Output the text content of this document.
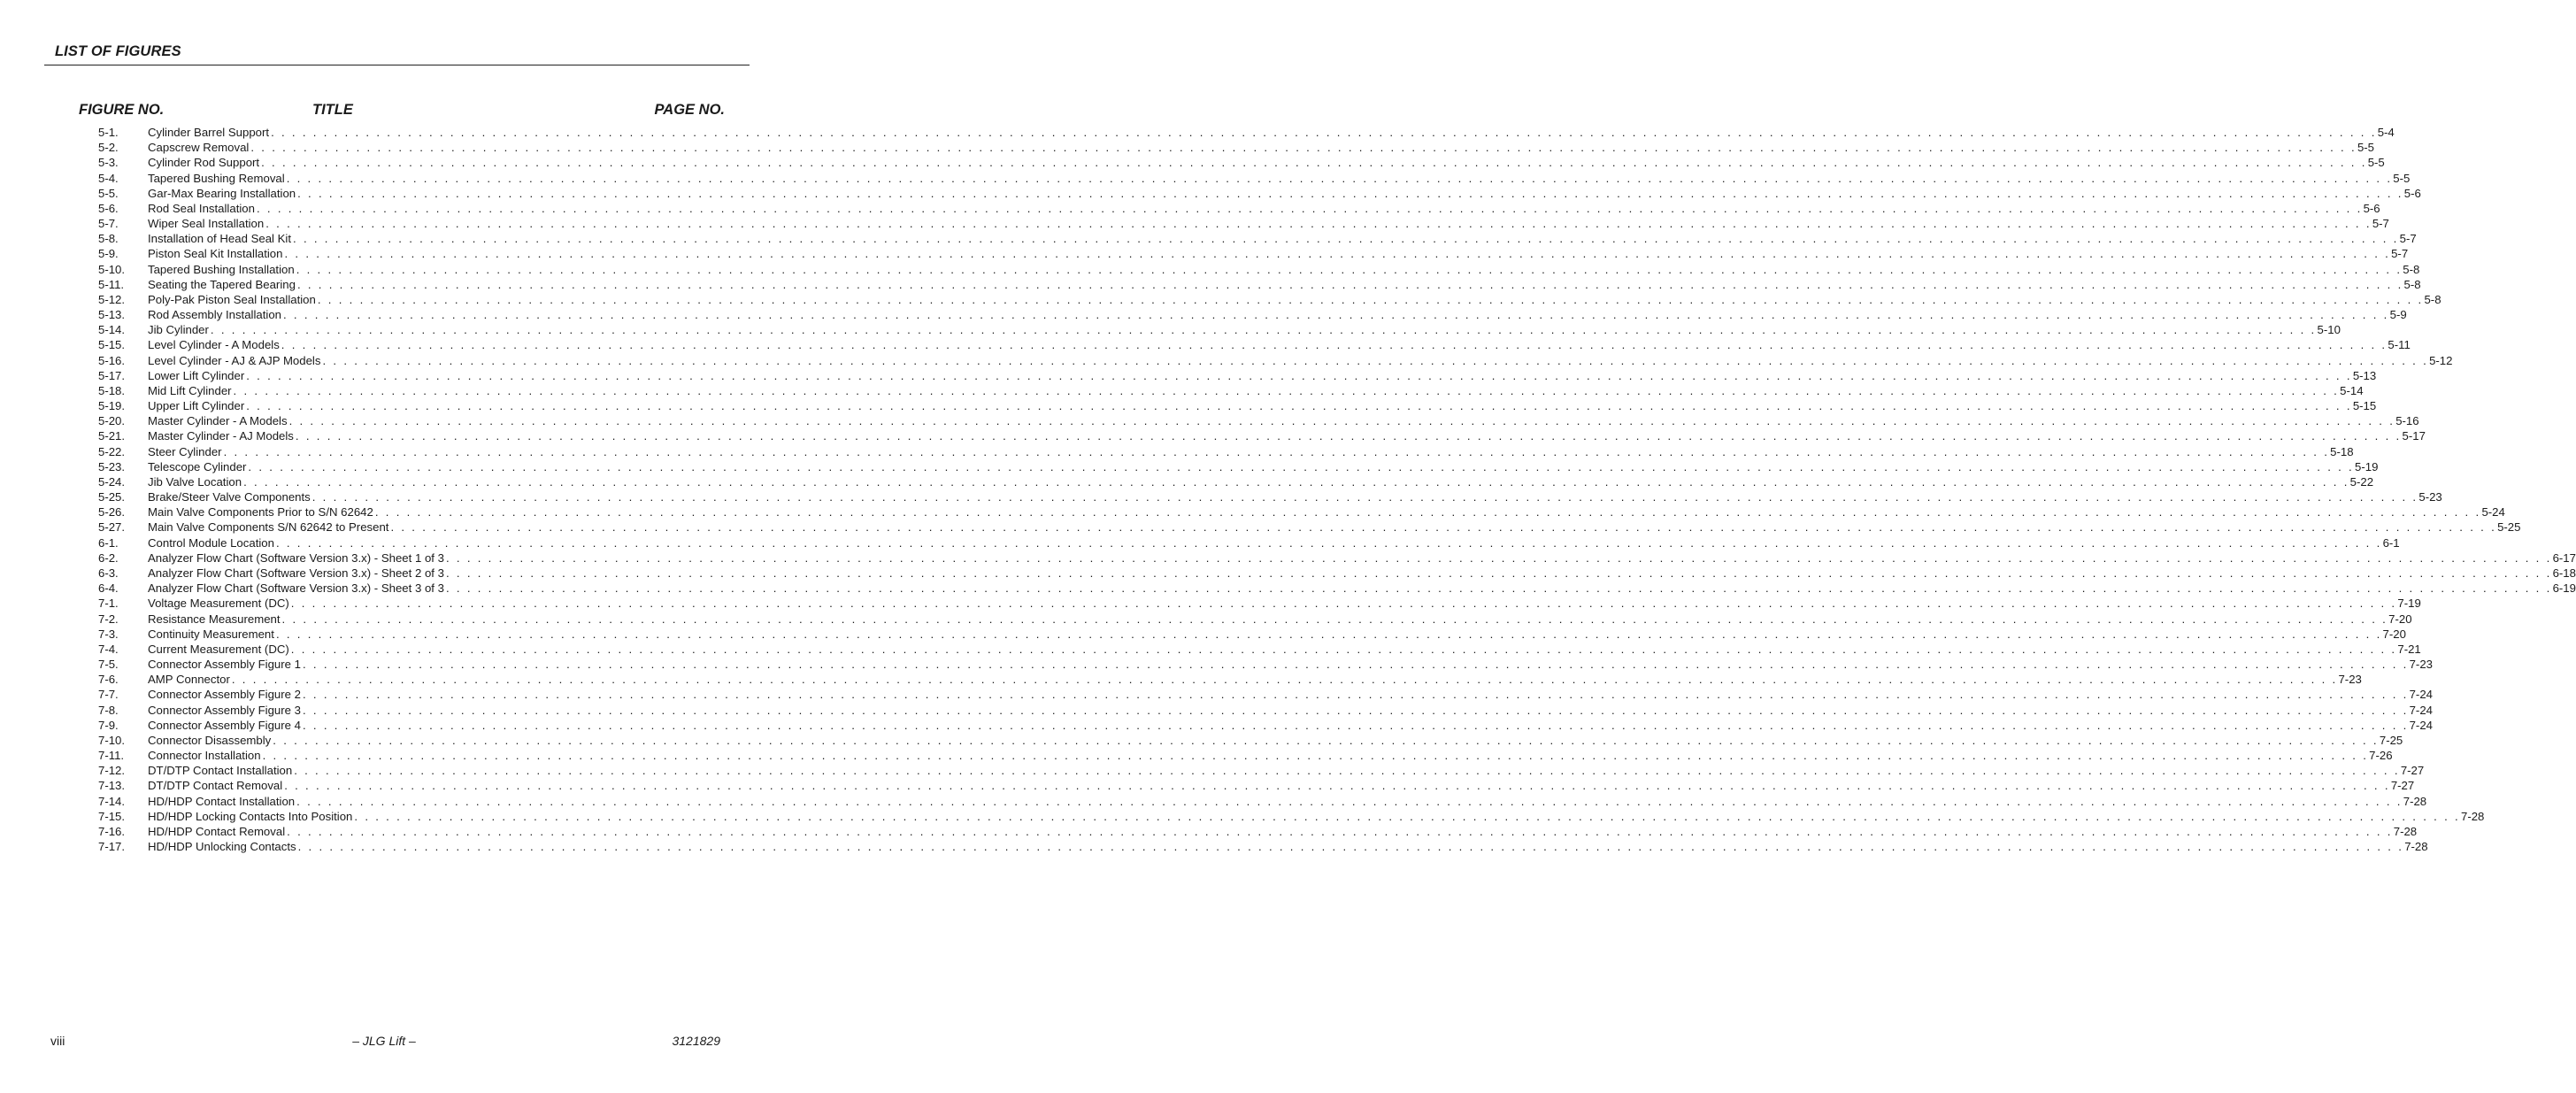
LIST OF FIGURES
FIGURE NO.	TITLE	PAGE NO.
5-1.	Cylinder Barrel Support . . . . . . . . . . . . . . . . . . . . . . . . . . . . . . . . . . . . . . . . . . . . . . . . . . . . . . . . . . . . . . . . . . . . . . . . . . . . . . . . . . . . . . . . . . . . . . . . . . . . . . . . . . . . . . . . . . . . . . . . . . . . . . . . . . . . . . . . . . . . . . . . . . . . . . . . . . . . . . . . . . . . . . . . . . . . . . . . . . . . . . . . . . . . . . . . . . . . . . . . 5-4
5-2.	Capscrew Removal . . . . . . . . . . . . . . . . . . . . . . . . . . . . . . . . . . . . . . . . . . . . . . . . . . . . . . . . . . . . . . . . . . . . . . . . . . . . . . . . . . . . . . . . . . . . . . . . . . . . . . . . . . . . . . . . . . . . . . . . . . . . . . . . . . . . . . . . . . . . . . . . . . . . . . . . . . . . . . . . . . . . . . . . . . . . . . . . . . . . . . . . . . . . . . . . . . . . . . . . 5-5
5-3.	Cylinder Rod Support . . . . . . . . . . . . . . . . . . . . . . . . . . . . . . . . . . . . . . . . . . . . . . . . . . . . . . . . . . . . . . . . . . . . . . . . . . . . . . . . . . . . . . . . . . . . . . . . . . . . . . . . . . . . . . . . . . . . . . . . . . . . . . . . . . . . . . . . . . . . . . . . . . . . . . . . . . . . . . . . . . . . . . . . . . . . . . . . . . . . . . . . . . . . . . . . . . . . . . . . 5-5
5-4.	Tapered Bushing Removal . . . . . . . . . . . . . . . . . . . . . . . . . . . . . . . . . . . . . . . . . . . . . . . . . . . . . . . . . . . . . . . . . . . . . . . . . . . . . . . . . . . . . . . . . . . . . . . . . . . . . . . . . . . . . . . . . . . . . . . . . . . . . . . . . . . . . . . . . . . . . . . . . . . . . . . . . . . . . . . . . . . . . . . . . . . . . . . . . . . . . . . . . . . . . . . . . . . . . . . . 5-5
5-5.	Gar-Max Bearing Installation . . . . . . . . . . . . . . . . . . . . . . . . . . . . . . . . . . . . . . . . . . . . . . . . . . . . . . . . . . . . . . . . . . . . . . . . . . . . . . . . . . . . . . . . . . . . . . . . . . . . . . . . . . . . . . . . . . . . . . . . . . . . . . . . . . . . . . . . . . . . . . . . . . . . . . . . . . . . . . . . . . . . . . . . . . . . . . . . . . . . . . . . . . . . . . . . . . . . . . . . 5-6
5-6.	Rod Seal Installation . . . . . . . . . . . . . . . . . . . . . . . . . . . . . . . . . . . . . . . . . . . . . . . . . . . . . . . . . . . . . . . . . . . . . . . . . . . . . . . . . . . . . . . . . . . . . . . . . . . . . . . . . . . . . . . . . . . . . . . . . . . . . . . . . . . . . . . . . . . . . . . . . . . . . . . . . . . . . . . . . . . . . . . . . . . . . . . . . . . . . . . . . . . . . . . . . . . . . . . . 5-6
5-7.	Wiper Seal Installation . . . . . . . . . . . . . . . . . . . . . . . . . . . . . . . . . . . . . . . . . . . . . . . . . . . . . . . . . . . . . . . . . . . . . . . . . . . . . . . . . . . . . . . . . . . . . . . . . . . . . . . . . . . . . . . . . . . . . . . . . . . . . . . . . . . . . . . . . . . . . . . . . . . . . . . . . . . . . . . . . . . . . . . . . . . . . . . . . . . . . . . . . . . . . . . . . . . . . . . . 5-7
5-8.	Installation of Head Seal Kit . . . . . . . . . . . . . . . . . . . . . . . . . . . . . . . . . . . . . . . . . . . . . . . . . . . . . . . . . . . . . . . . . . . . . . . . . . . . . . . . . . . . . . . . . . . . . . . . . . . . . . . . . . . . . . . . . . . . . . . . . . . . . . . . . . . . . . . . . . . . . . . . . . . . . . . . . . . . . . . . . . . . . . . . . . . . . . . . . . . . . . . . . . . . . . . . . . . . . . . . 5-7
5-9.	Piston Seal Kit Installation . . . . . . . . . . . . . . . . . . . . . . . . . . . . . . . . . . . . . . . . . . . . . . . . . . . . . . . . . . . . . . . . . . . . . . . . . . . . . . . . . . . . . . . . . . . . . . . . . . . . . . . . . . . . . . . . . . . . . . . . . . . . . . . . . . . . . . . . . . . . . . . . . . . . . . . . . . . . . . . . . . . . . . . . . . . . . . . . . . . . . . . . . . . . . . . . . . . . . . . . 5-7
5-10.	Tapered Bushing Installation . . . . . . . . . . . . . . . . . . . . . . . . . . . . . . . . . . . . . . . . . . . . . . . . . . . . . . . . . . . . . . . . . . . . . . . . . . . . . . . . . . . . . . . . . . . . . . . . . . . . . . . . . . . . . . . . . . . . . . . . . . . . . . . . . . . . . . . . . . . . . . . . . . . . . . . . . . . . . . . . . . . . . . . . . . . . . . . . . . . . . . . . . . . . . . . . . . . . . . . . 5-8
5-11.	Seating the Tapered Bearing . . . . . . . . . . . . . . . . . . . . . . . . . . . . . . . . . . . . . . . . . . . . . . . . . . . . . . . . . . . . . . . . . . . . . . . . . . . . . . . . . . . . . . . . . . . . . . . . . . . . . . . . . . . . . . . . . . . . . . . . . . . . . . . . . . . . . . . . . . . . . . . . . . . . . . . . . . . . . . . . . . . . . . . . . . . . . . . . . . . . . . . . . . . . . . . . . . . . . . . . 5-8
5-12.	Poly-Pak Piston Seal Installation . . . . . . . . . . . . . . . . . . . . . . . . . . . . . . . . . . . . . . . . . . . . . . . . . . . . . . . . . . . . . . . . . . . . . . . . . . . . . . . . . . . . . . . . . . . . . . . . . . . . . . . . . . . . . . . . . . . . . . . . . . . . . . . . . . . . . . . . . . . . . . . . . . . . . . . . . . . . . . . . . . . . . . . . . . . . . . . . . . . . . . . . . . . . . . . . . . . . . . . . 5-8
5-13.	Rod Assembly Installation . . . . . . . . . . . . . . . . . . . . . . . . . . . . . . . . . . . . . . . . . . . . . . . . . . . . . . . . . . . . . . . . . . . . . . . . . . . . . . . . . . . . . . . . . . . . . . . . . . . . . . . . . . . . . . . . . . . . . . . . . . . . . . . . . . . . . . . . . . . . . . . . . . . . . . . . . . . . . . . . . . . . . . . . . . . . . . . . . . . . . . . . . . . . . . . . . . . . . . . . 5-9
5-14.	Jib Cylinder . . . . . . . . . . . . . . . . . . . . . . . . . . . . . . . . . . . . . . . . . . . . . . . . . . . . . . . . . . . . . . . . . . . . . . . . . . . . . . . . . . . . . . . . . . . . . . . . . . . . . . . . . . . . . . . . . . . . . . . . . . . . . . . . . . . . . . . . . . . . . . . . . . . . . . . . . . . . . . . . . . . . . . . . . . . . . . . . . . . . . . . . . . . . . . . . . . . . . . . . 5-10
5-15.	Level Cylinder - A Models . . . . . . . . . . . . . . . . . . . . . . . . . . . . . . . . . . . . . . . . . . . . . . . . . . . . . . . . . . . . . . . . . . . . . . . . . . . . . . . . . . . . . . . . . . . . . . . . . . . . . . . . . . . . . . . . . . . . . . . . . . . . . . . . . . . . . . . . . . . . . . . . . . . . . . . . . . . . . . . . . . . . . . . . . . . . . . . . . . . . . . . . . . . . . . . . . . . . . . . . 5-11
5-16.	Level Cylinder - AJ & AJP Models . . . . . . . . . . . . . . . . . . . . . . . . . . . . . . . . . . . . . . . . . . . . . . . . . . . . . . . . . . . . . . . . . . . . . . . . . . . . . . . . . . . . . . . . . . . . . . . . . . . . . . . . . . . . . . . . . . . . . . . . . . . . . . . . . . . . . . . . . . . . . . . . . . . . . . . . . . . . . . . . . . . . . . . . . . . . . . . . . . . . . . . . . . . . . . . . . . . . . . . . 5-12
5-17.	Lower Lift Cylinder . . . . . . . . . . . . . . . . . . . . . . . . . . . . . . . . . . . . . . . . . . . . . . . . . . . . . . . . . . . . . . . . . . . . . . . . . . . . . . . . . . . . . . . . . . . . . . . . . . . . . . . . . . . . . . . . . . . . . . . . . . . . . . . . . . . . . . . . . . . . . . . . . . . . . . . . . . . . . . . . . . . . . . . . . . . . . . . . . . . . . . . . . . . . . . . . . . . . . . . . 5-13
5-18.	Mid Lift Cylinder . . . . . . . . . . . . . . . . . . . . . . . . . . . . . . . . . . . . . . . . . . . . . . . . . . . . . . . . . . . . . . . . . . . . . . . . . . . . . . . . . . . . . . . . . . . . . . . . . . . . . . . . . . . . . . . . . . . . . . . . . . . . . . . . . . . . . . . . . . . . . . . . . . . . . . . . . . . . . . . . . . . . . . . . . . . . . . . . . . . . . . . . . . . . . . . . . . . . . . . . 5-14
5-19.	Upper Lift Cylinder . . . . . . . . . . . . . . . . . . . . . . . . . . . . . . . . . . . . . . . . . . . . . . . . . . . . . . . . . . . . . . . . . . . . . . . . . . . . . . . . . . . . . . . . . . . . . . . . . . . . . . . . . . . . . . . . . . . . . . . . . . . . . . . . . . . . . . . . . . . . . . . . . . . . . . . . . . . . . . . . . . . . . . . . . . . . . . . . . . . . . . . . . . . . . . . . . . . . . . . . 5-15
5-20.	Master Cylinder - A Models . . . . . . . . . . . . . . . . . . . . . . . . . . . . . . . . . . . . . . . . . . . . . . . . . . . . . . . . . . . . . . . . . . . . . . . . . . . . . . . . . . . . . . . . . . . . . . . . . . . . . . . . . . . . . . . . . . . . . . . . . . . . . . . . . . . . . . . . . . . . . . . . . . . . . . . . . . . . . . . . . . . . . . . . . . . . . . . . . . . . . . . . . . . . . . . . . . . . . . . . 5-16
5-21.	Master Cylinder - AJ Models . . . . . . . . . . . . . . . . . . . . . . . . . . . . . . . . . . . . . . . . . . . . . . . . . . . . . . . . . . . . . . . . . . . . . . . . . . . . . . . . . . . . . . . . . . . . . . . . . . . . . . . . . . . . . . . . . . . . . . . . . . . . . . . . . . . . . . . . . . . . . . . . . . . . . . . . . . . . . . . . . . . . . . . . . . . . . . . . . . . . . . . . . . . . . . . . . . . . . . . . 5-17
5-22.	Steer Cylinder . . . . . . . . . . . . . . . . . . . . . . . . . . . . . . . . . . . . . . . . . . . . . . . . . . . . . . . . . . . . . . . . . . . . . . . . . . . . . . . . . . . . . . . . . . . . . . . . . . . . . . . . . . . . . . . . . . . . . . . . . . . . . . . . . . . . . . . . . . . . . . . . . . . . . . . . . . . . . . . . . . . . . . . . . . . . . . . . . . . . . . . . . . . . . . . . . . . . . . . . 5-18
5-23.	Telescope Cylinder . . . . . . . . . . . . . . . . . . . . . . . . . . . . . . . . . . . . . . . . . . . . . . . . . . . . . . . . . . . . . . . . . . . . . . . . . . . . . . . . . . . . . . . . . . . . . . . . . . . . . . . . . . . . . . . . . . . . . . . . . . . . . . . . . . . . . . . . . . . . . . . . . . . . . . . . . . . . . . . . . . . . . . . . . . . . . . . . . . . . . . . . . . . . . . . . . . . . . . . . 5-19
5-24.	Jib Valve Location . . . . . . . . . . . . . . . . . . . . . . . . . . . . . . . . . . . . . . . . . . . . . . . . . . . . . . . . . . . . . . . . . . . . . . . . . . . . . . . . . . . . . . . . . . . . . . . . . . . . . . . . . . . . . . . . . . . . . . . . . . . . . . . . . . . . . . . . . . . . . . . . . . . . . . . . . . . . . . . . . . . . . . . . . . . . . . . . . . . . . . . . . . . . . . . . . . . . . . . . 5-22
5-25.	Brake/Steer Valve Components . . . . . . . . . . . . . . . . . . . . . . . . . . . . . . . . . . . . . . . . . . . . . . . . . . . . . . . . . . . . . . . . . . . . . . . . . . . . . . . . . . . . . . . . . . . . . . . . . . . . . . . . . . . . . . . . . . . . . . . . . . . . . . . . . . . . . . . . . . . . . . . . . . . . . . . . . . . . . . . . . . . . . . . . . . . . . . . . . . . . . . . . . . . . . . . . . . . . . . . . 5-23
5-26.	Main Valve Components Prior to S/N 62642 . . . . . . . . . . . . . . . . . . . . . . . . . . . . . . . . . . . . . . . . . . . . . . . . . . . . . . . . . . . . . . . . . . . . . . . . . . . . . . . . . . . . . . . . . . . . . . . . . . . . . . . . . . . . . . . . . . . . . . . . . . . . . . . . . . . . . . . . . . . . . . . . . . . . . . . . . . . . . . . . . . . . . . . . . . . . . . . . . . . . . . . . . . . . . . . . . . . . . . . . 5-24
5-27.	Main Valve Components S/N 62642 to Present . . . . . . . . . . . . . . . . . . . . . . . . . . . . . . . . . . . . . . . . . . . . . . . . . . . . . . . . . . . . . . . . . . . . . . . . . . . . . . . . . . . . . . . . . . . . . . . . . . . . . . . . . . . . . . . . . . . . . . . . . . . . . . . . . . . . . . . . . . . . . . . . . . . . . . . . . . . . . . . . . . . . . . . . . . . . . . . . . . . . . . . . . . . . . . . . . . . . . . . . 5-25
6-1.	Control Module Location . . . . . . . . . . . . . . . . . . . . . . . . . . . . . . . . . . . . . . . . . . . . . . . . . . . . . . . . . . . . . . . . . . . . . . . . . . . . . . . . . . . . . . . . . . . . . . . . . . . . . . . . . . . . . . . . . . . . . . . . . . . . . . . . . . . . . . . . . . . . . . . . . . . . . . . . . . . . . . . . . . . . . . . . . . . . . . . . . . . . . . . . . . . . . . . . . . . . . . . . 6-1
6-2.	Analyzer Flow Chart (Software Version 3.x) - Sheet 1 of 3 . . . . . . . . . . . . . . . . . . . . . . . . . . . . . . . . . . . . . . . . . . . . . . . . . . . . . . . . . . . . . . . . . . . . . . . . . . . . . . . . . . . . . . . . . . . . . . . . . . . . . . . . . . . . . . . . . . . . . . . . . . . . . . . . . . . . . . . . . . . . . . . . . . . . . . . . . . . . . . . . . . . . . . . . . . . . . . . . . . . . . . . . . . . . . . . . . . . . . . . . 6-17
6-3.	Analyzer Flow Chart (Software Version 3.x) - Sheet 2 of 3 . . . . . . . . . . . . . . . . . . . . . . . . . . . . . . . . . . . . . . . . . . . . . . . . . . . . . . . . . . . . . . . . . . . . . . . . . . . . . . . . . . . . . . . . . . . . . . . . . . . . . . . . . . . . . . . . . . . . . . . . . . . . . . . . . . . . . . . . . . . . . . . . . . . . . . . . . . . . . . . . . . . . . . . . . . . . . . . . . . . . . . . . . . . . . . . . . . . . . . . . 6-18
6-4.	Analyzer Flow Chart (Software Version 3.x) - Sheet 3 of 3 . . . . . . . . . . . . . . . . . . . . . . . . . . . . . . . . . . . . . . . . . . . . . . . . . . . . . . . . . . . . . . . . . . . . . . . . . . . . . . . . . . . . . . . . . . . . . . . . . . . . . . . . . . . . . . . . . . . . . . . . . . . . . . . . . . . . . . . . . . . . . . . . . . . . . . . . . . . . . . . . . . . . . . . . . . . . . . . . . . . . . . . . . . . . . . . . . . . . . . . . 6-19
7-1.	Voltage Measurement (DC) . . . . . . . . . . . . . . . . . . . . . . . . . . . . . . . . . . . . . . . . . . . . . . . . . . . . . . . . . . . . . . . . . . . . . . . . . . . . . . . . . . . . . . . . . . . . . . . . . . . . . . . . . . . . . . . . . . . . . . . . . . . . . . . . . . . . . . . . . . . . . . . . . . . . . . . . . . . . . . . . . . . . . . . . . . . . . . . . . . . . . . . . . . . . . . . . . . . . . . . . 7-19
7-2.	Resistance Measurement . . . . . . . . . . . . . . . . . . . . . . . . . . . . . . . . . . . . . . . . . . . . . . . . . . . . . . . . . . . . . . . . . . . . . . . . . . . . . . . . . . . . . . . . . . . . . . . . . . . . . . . . . . . . . . . . . . . . . . . . . . . . . . . . . . . . . . . . . . . . . . . . . . . . . . . . . . . . . . . . . . . . . . . . . . . . . . . . . . . . . . . . . . . . . . . . . . . . . . . . 7-20
7-3.	Continuity Measurement . . . . . . . . . . . . . . . . . . . . . . . . . . . . . . . . . . . . . . . . . . . . . . . . . . . . . . . . . . . . . . . . . . . . . . . . . . . . . . . . . . . . . . . . . . . . . . . . . . . . . . . . . . . . . . . . . . . . . . . . . . . . . . . . . . . . . . . . . . . . . . . . . . . . . . . . . . . . . . . . . . . . . . . . . . . . . . . . . . . . . . . . . . . . . . . . . . . . . . . . 7-20
7-4.	Current Measurement (DC) . . . . . . . . . . . . . . . . . . . . . . . . . . . . . . . . . . . . . . . . . . . . . . . . . . . . . . . . . . . . . . . . . . . . . . . . . . . . . . . . . . . . . . . . . . . . . . . . . . . . . . . . . . . . . . . . . . . . . . . . . . . . . . . . . . . . . . . . . . . . . . . . . . . . . . . . . . . . . . . . . . . . . . . . . . . . . . . . . . . . . . . . . . . . . . . . . . . . . . . . 7-21
7-5.	Connector Assembly Figure 1 . . . . . . . . . . . . . . . . . . . . . . . . . . . . . . . . . . . . . . . . . . . . . . . . . . . . . . . . . . . . . . . . . . . . . . . . . . . . . . . . . . . . . . . . . . . . . . . . . . . . . . . . . . . . . . . . . . . . . . . . . . . . . . . . . . . . . . . . . . . . . . . . . . . . . . . . . . . . . . . . . . . . . . . . . . . . . . . . . . . . . . . . . . . . . . . . . . . . . . . . 7-23
7-6.	AMP Connector . . . . . . . . . . . . . . . . . . . . . . . . . . . . . . . . . . . . . . . . . . . . . . . . . . . . . . . . . . . . . . . . . . . . . . . . . . . . . . . . . . . . . . . . . . . . . . . . . . . . . . . . . . . . . . . . . . . . . . . . . . . . . . . . . . . . . . . . . . . . . . . . . . . . . . . . . . . . . . . . . . . . . . . . . . . . . . . . . . . . . . . . . . . . . . . . . . . . . . . . 7-23
7-7.	Connector Assembly Figure 2 . . . . . . . . . . . . . . . . . . . . . . . . . . . . . . . . . . . . . . . . . . . . . . . . . . . . . . . . . . . . . . . . . . . . . . . . . . . . . . . . . . . . . . . . . . . . . . . . . . . . . . . . . . . . . . . . . . . . . . . . . . . . . . . . . . . . . . . . . . . . . . . . . . . . . . . . . . . . . . . . . . . . . . . . . . . . . . . . . . . . . . . . . . . . . . . . . . . . . . . . 7-24
7-8.	Connector Assembly Figure 3 . . . . . . . . . . . . . . . . . . . . . . . . . . . . . . . . . . . . . . . . . . . . . . . . . . . . . . . . . . . . . . . . . . . . . . . . . . . . . . . . . . . . . . . . . . . . . . . . . . . . . . . . . . . . . . . . . . . . . . . . . . . . . . . . . . . . . . . . . . . . . . . . . . . . . . . . . . . . . . . . . . . . . . . . . . . . . . . . . . . . . . . . . . . . . . . . . . . . . . . . 7-24
7-9.	Connector Assembly Figure 4 . . . . . . . . . . . . . . . . . . . . . . . . . . . . . . . . . . . . . . . . . . . . . . . . . . . . . . . . . . . . . . . . . . . . . . . . . . . . . . . . . . . . . . . . . . . . . . . . . . . . . . . . . . . . . . . . . . . . . . . . . . . . . . . . . . . . . . . . . . . . . . . . . . . . . . . . . . . . . . . . . . . . . . . . . . . . . . . . . . . . . . . . . . . . . . . . . . . . . . . . 7-24
7-10.	Connector Disassembly . . . . . . . . . . . . . . . . . . . . . . . . . . . . . . . . . . . . . . . . . . . . . . . . . . . . . . . . . . . . . . . . . . . . . . . . . . . . . . . . . . . . . . . . . . . . . . . . . . . . . . . . . . . . . . . . . . . . . . . . . . . . . . . . . . . . . . . . . . . . . . . . . . . . . . . . . . . . . . . . . . . . . . . . . . . . . . . . . . . . . . . . . . . . . . . . . . . . . . . . 7-25
7-11.	Connector Installation . . . . . . . . . . . . . . . . . . . . . . . . . . . . . . . . . . . . . . . . . . . . . . . . . . . . . . . . . . . . . . . . . . . . . . . . . . . . . . . . . . . . . . . . . . . . . . . . . . . . . . . . . . . . . . . . . . . . . . . . . . . . . . . . . . . . . . . . . . . . . . . . . . . . . . . . . . . . . . . . . . . . . . . . . . . . . . . . . . . . . . . . . . . . . . . . . . . . . . . . 7-26
7-12.	DT/DTP Contact Installation . . . . . . . . . . . . . . . . . . . . . . . . . . . . . . . . . . . . . . . . . . . . . . . . . . . . . . . . . . . . . . . . . . . . . . . . . . . . . . . . . . . . . . . . . . . . . . . . . . . . . . . . . . . . . . . . . . . . . . . . . . . . . . . . . . . . . . . . . . . . . . . . . . . . . . . . . . . . . . . . . . . . . . . . . . . . . . . . . . . . . . . . . . . . . . . . . . . . . . . . 7-27
7-13.	DT/DTP Contact Removal . . . . . . . . . . . . . . . . . . . . . . . . . . . . . . . . . . . . . . . . . . . . . . . . . . . . . . . . . . . . . . . . . . . . . . . . . . . . . . . . . . . . . . . . . . . . . . . . . . . . . . . . . . . . . . . . . . . . . . . . . . . . . . . . . . . . . . . . . . . . . . . . . . . . . . . . . . . . . . . . . . . . . . . . . . . . . . . . . . . . . . . . . . . . . . . . . . . . . . . . 7-27
7-14.	HD/HDP Contact Installation . . . . . . . . . . . . . . . . . . . . . . . . . . . . . . . . . . . . . . . . . . . . . . . . . . . . . . . . . . . . . . . . . . . . . . . . . . . . . . . . . . . . . . . . . . . . . . . . . . . . . . . . . . . . . . . . . . . . . . . . . . . . . . . . . . . . . . . . . . . . . . . . . . . . . . . . . . . . . . . . . . . . . . . . . . . . . . . . . . . . . . . . . . . . . . . . . . . . . . . . 7-28
7-15.	HD/HDP Locking Contacts Into Position . . . . . . . . . . . . . . . . . . . . . . . . . . . . . . . . . . . . . . . . . . . . . . . . . . . . . . . . . . . . . . . . . . . . . . . . . . . . . . . . . . . . . . . . . . . . . . . . . . . . . . . . . . . . . . . . . . . . . . . . . . . . . . . . . . . . . . . . . . . . . . . . . . . . . . . . . . . . . . . . . . . . . . . . . . . . . . . . . . . . . . . . . . . . . . . . . . . . . . . . 7-28
7-16.	HD/HDP Contact Removal . . . . . . . . . . . . . . . . . . . . . . . . . . . . . . . . . . . . . . . . . . . . . . . . . . . . . . . . . . . . . . . . . . . . . . . . . . . . . . . . . . . . . . . . . . . . . . . . . . . . . . . . . . . . . . . . . . . . . . . . . . . . . . . . . . . . . . . . . . . . . . . . . . . . . . . . . . . . . . . . . . . . . . . . . . . . . . . . . . . . . . . . . . . . . . . . . . . . . . . . 7-28
7-17.	HD/HDP Unlocking Contacts . . . . . . . . . . . . . . . . . . . . . . . . . . . . . . . . . . . . . . . . . . . . . . . . . . . . . . . . . . . . . . . . . . . . . . . . . . . . . . . . . . . . . . . . . . . . . . . . . . . . . . . . . . . . . . . . . . . . . . . . . . . . . . . . . . . . . . . . . . . . . . . . . . . . . . . . . . . . . . . . . . . . . . . . . . . . . . . . . . . . . . . . . . . . . . . . . . . . . . . . 7-28
viii	– JLG Lift –	3121829
